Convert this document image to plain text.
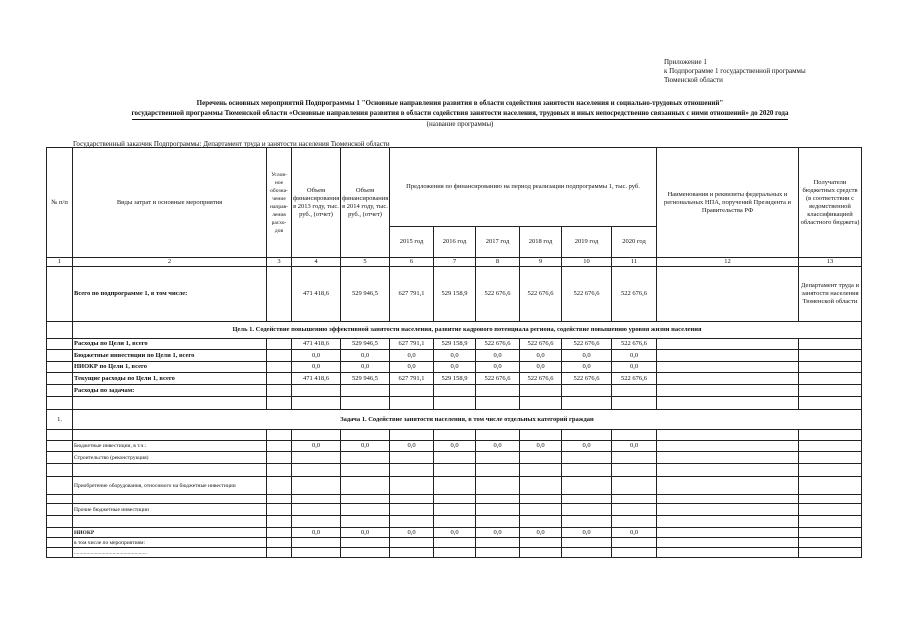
Приложение 1
к Подпрограмме 1 государственной программы
Тюменской области
Перечень основных мероприятий Подпрограммы 1 "Основные направления развития в области содействия занятости населения и социально-трудовых отношений"
государственной программы Тюменской области «Основные направления развития в области содействия занятости населения, трудовых и иных непосредственно связанных с ними отношений» до 2020 года
(название программы)
Государственный заказчик Подпрограммы: Департамент труда и занятости населения Тюменской области
№ п/п	Виды затрат и основные мероприятия	Услов-ное обозна-чение направ-ления расхо-дов	Объем финансирования в 2013 году, тыс. руб., (отчет)	Объем финансирования в 2014 году, тыс. руб., (отчет)	Предложения по финансированию на период реализации подпрограммы 1, тыс. руб.						Наименования и реквизиты федеральных и региональных НПА, поручений Президента и Правительства РФ	Получатели бюджетных средств (в соответствии с ведомственной классификацией областного бюджета)
					2015 год	2016 год	2017 год	2018 год	2019 год	2020 год		
1	2	3	4	5	6	7	8	9	10	11	12	13
	Всего по подпрограмме 1, в том числе:		471 418,6	529 946,5	627 791,1	529 158,9	522 676,6	522 676,6	522 676,6	522 676,6		Департамент труда и занятости населения Тюменской области
	Цель 1. Содействие повышению эффективной занятости населения, развитие кадрового потенциала региона, содействие повышению уровня жизни населения											
	Расходы по Цели 1, всего		471 418,6	529 946,5	627 791,1	529 158,9	522 676,6	522 676,6	522 676,6	522 676,6		
	Бюджетные инвестиции по Цели 1, всего		0,0	0,0	0,0	0,0	0,0	0,0	0,0	0,0		
	НИОКР по Цели 1, всего		0,0	0,0	0,0	0,0	0,0	0,0	0,0	0,0		
	Текущие расходы по Цели 1, всего		471 418,6	529 946,5	627 791,1	529 158,9	522 676,6	522 676,6	522 676,6	522 676,6		
	Расходы по задачам:											

1.	Задача 1. Содействие занятости населения, в том числе отдельных категорий граждан											

	Бюджетные инвестиции, в т.ч.:		0,0	0,0	0,0	0,0	0,0	0,0	0,0	0,0		
	Строительство (реконструкция)											

	Приобретение оборудования, относимого на бюджетные инвестиции											

	Прочие бюджетные инвестиции											

	НИОКР		0,0	0,0	0,0	0,0	0,0	0,0	0,0	0,0		
	в том числе по мероприятиям:											
	.....................................................											
